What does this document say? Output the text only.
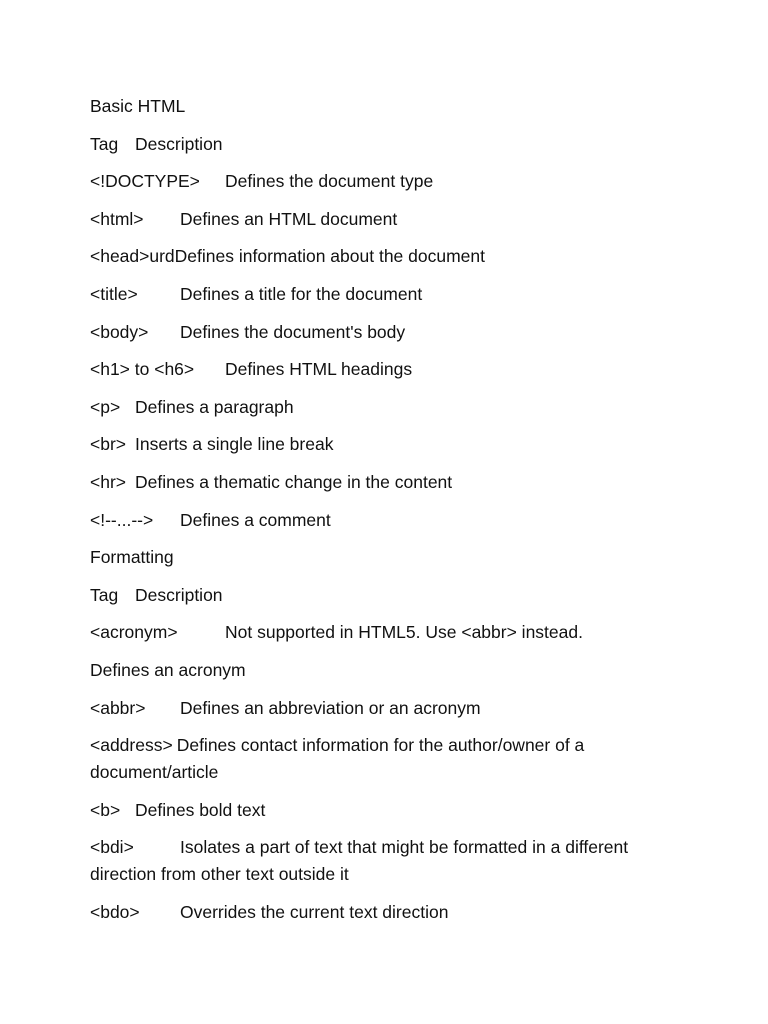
Basic HTML
Tag Description
<!DOCTYPE> Defines the document type
<html> Defines an HTML document
<head>urdDefines information about the document
<title> Defines a title for the document
<body> Defines the document's body
<h1> to <h6> Defines HTML headings
<p> Defines a paragraph
<br> Inserts a single line break
<hr> Defines a thematic change in the content
<!--...--> Defines a comment
Formatting
Tag Description
<acronym>	Not supported in HTML5. Use <abbr> instead.
Defines an acronym
<abbr> Defines an abbreviation or an acronym
<address> Defines contact information for the author/owner of a document/article
<b> Defines bold text
<bdi>	Isolates a part of text that might be formatted in a different direction from other text outside it
<bdo> Overrides the current text direction
